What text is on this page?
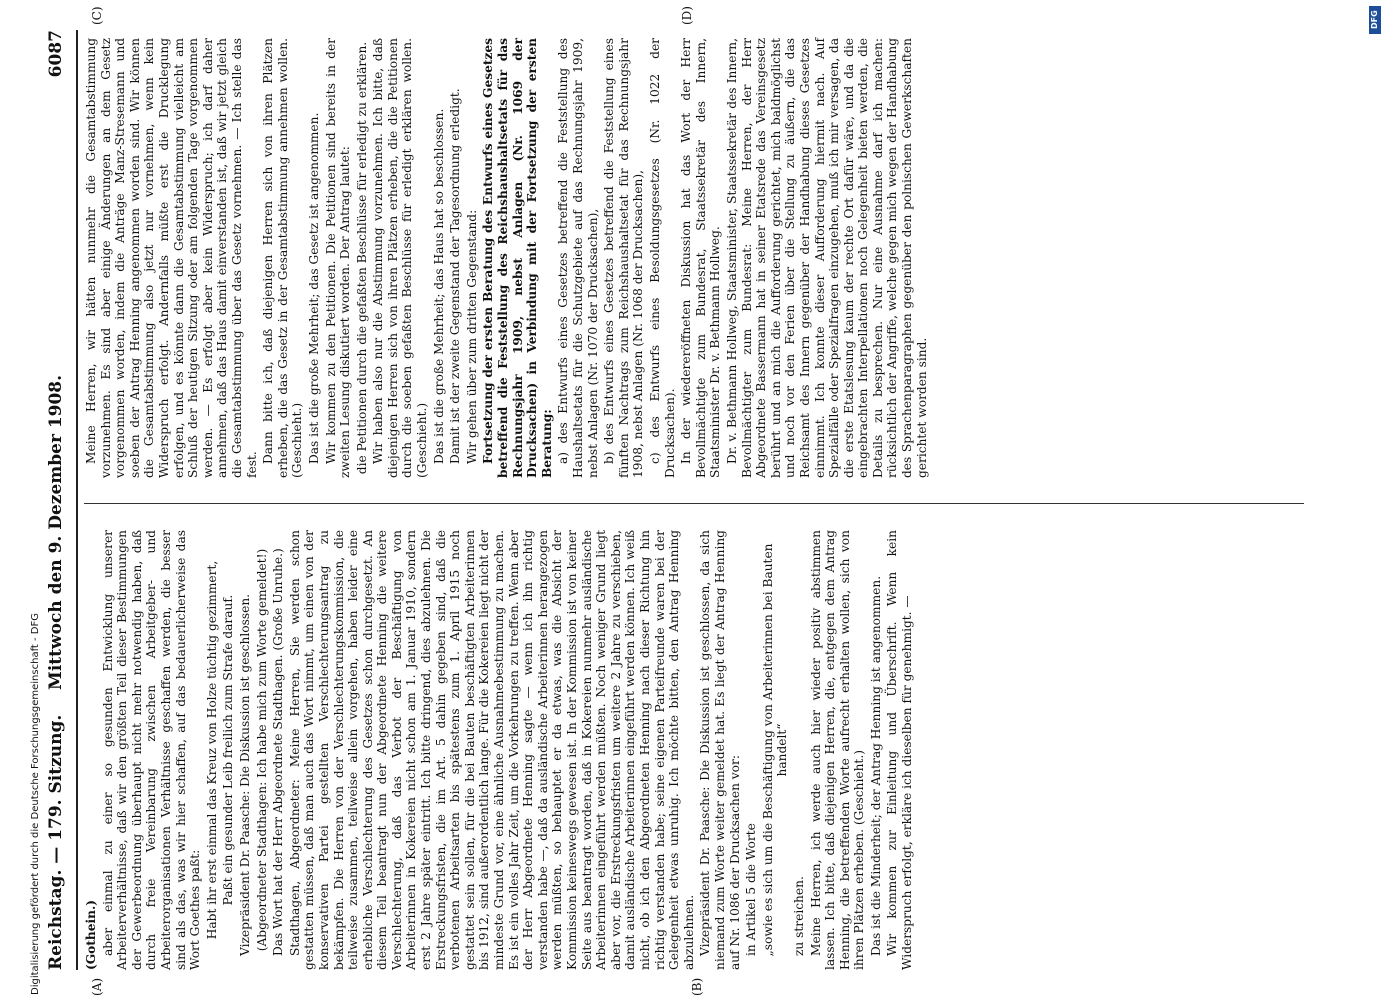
Reichstag. — 179. Sitzung.
Mittwoch den 9. Dezember 1908.
6087
(A)	(B)
(C)	(D)

(Gothein.) aber einmal zu einer so gesunden Entwicklung unserer Arbeiterverhältnisse, daß wir den größten Teil dieser Bestimmungen der Gewerbeordnung überhaupt nicht mehr notwendig haben, daß durch freie Vereinbarung zwischen Arbeitgeber- und Arbeiterorganisationen Verhältnisse geschaffen werden, die besser sind als das, was wir hier schaffen, auf das bedauerlicherweise das Wort Goethes paßt: Habt ihr erst einmal das Kreuz von Holze tüchtig gezimmert, Paßt ein gesunder Leib freilich zum Strafe darauf. Vizepräsident Dr. Paasche: Die Diskussion ist geschlossen. (Abgeordneter Stadthagen: Ich habe mich zum Worte gemeldet!) Das Wort hat der Herr Abgeordnete Stadthagen. (Große Unruhe.) Stadthagen, Abgeordneter: Meine Herren, Sie werden schon gestatten müssen, daß man auch das Wort nimmt, um einen von der konservativen Partei gestellten Verschlechterungsantrag zu bekämpfen. Die Herren von der Verschlechterungskommission, die teilweise zusammen, teilweise allein vorgehen, haben leider eine erhebliche Verschlechterung des Gesetzes schon durchgesetzt. An diesem Teil beantragt nun der Abgeordnete Henning die weitere Verschlechterung, daß das Verbot der Beschäftigung von Arbeiterinnen in Kokereien nicht schon am 1. Januar 1910, sondern erst 2 Jahre später eintritt. Ich bitte dringend, dies abzulehnen. Die Erstreckungsfristen, die im Art. 5 dahin gegeben sind, daß die verbotenen Arbeitsarten bis spätestens zum 1. April 1915 noch gestattet sein sollen, für die bei Bauten beschäftigten Arbeiterinnen bis 1912, sind außerordentlich lange. Für die Kokereien liegt nicht der mindeste Grund vor, eine ähnliche Ausnahmebestimmung zu machen. Es ist ein volles Jahr Zeit, um die Vorkehrungen zu treffen. Wenn aber der Herr Abgeordnete Henning sagte — wenn ich ihn richtig verstanden habe —, daß da ausländische Arbeiterinnen herangezogen werden müßten, so behauptet er da etwas, was die Absicht der Kommission keineswegs gewesen ist. In der Kommission ist von keiner Seite aus beantragt worden, daß in Kokereien nunmehr ausländische Arbeiterinnen eingeführt werden müßten. Noch weniger Grund liegt aber vor, die Erstreckungsfristen um weitere 2 Jahre zu verschieben, damit ausländische Arbeiterinnen eingeführt werden können. Ich weiß nicht, ob ich den Abgeordneten Henning nach dieser Richtung hin richtig verstanden habe; seine eigenen Parteifreunde waren bei der Gelegenheit etwas unruhig. Ich möchte bitten, den Antrag Henning abzulehnen. Vizepräsident Dr. Paasche: Die Diskussion ist geschlossen, da sich niemand zum Worte weiter gemeldet hat. Es liegt der Antrag Henning auf Nr. 1086 der Drucksachen vor: in Artikel 5 die Worte „sowie es sich um die Beschäftigung von Arbeiterinnen bei Bauten handelt“

zu streichen. Meine Herren, ich werde auch hier wieder positiv abstimmen lassen. Ich bitte, daß diejenigen Herren, die, entgegen dem Antrag Henning, die betreffenden Worte aufrecht erhalten wollen, sich von ihren Plätzen erheben. (Geschieht.) Das ist die Minderheit; der Antrag Henning ist angenommen. Wir kommen zur Einleitung und Überschrift. Wenn kein Widerspruch erfolgt, erkläre ich dieselben für genehmigt. —

Meine Herren, wir hätten nunmehr die Gesamtabstimmung vorzunehmen. Es sind aber einige Änderungen an dem Gesetz vorgenommen worden, indem die Anträge Manz-Stresemann und soeben der Antrag Henning angenommen worden sind. Wir können die Gesamtabstimmung also jetzt nur vornehmen, wenn kein Widerspruch erfolgt. Andernfalls müßte erst die Drucklegung erfolgen, und es könnte dann die Gesamtabstimmung vielleicht am Schluß der heutigen Sitzung oder am folgenden Tage vorgenommen werden. — Es erfolgt aber kein Widerspruch; ich darf daher annehmen, daß das Haus damit einverstanden ist, daß wir jetzt gleich die Gesamtabstimmung über das Gesetz vornehmen. — Ich stelle das fest.

Dann bitte ich, daß diejenigen Herren sich von ihren Plätzen erheben, die das Gesetz in der Gesamtabstimmung annehmen wollen. (Geschieht.) Das ist die große Mehrheit; das Gesetz ist angenommen. Wir kommen zu den Petitionen. Die Petitionen sind bereits in der zweiten Lesung diskutiert worden. Der Antrag lautet: die Petitionen durch die gefaßten Beschlüsse für erledigt zu erklären. Wir haben also nur die Abstimmung vorzunehmen. Ich bitte, daß diejenigen Herren sich von ihren Plätzen erheben, die die Petitionen durch die soeben gefaßten Beschlüsse für erledigt erklären wollen. (Geschieht.) Das ist die große Mehrheit; das Haus hat so beschlossen. Damit ist der zweite Gegenstand der Tagesordnung erledigt. Wir gehen über zum dritten Gegenstand: Fortsetzung der ersten Beratung des Entwurfs eines Gesetzes betreffend die Feststellung des Reichshaushaltsetats für das Rechnungsjahr 1909, nebst Anlagen (Nr. 1069 der Drucksachen) in Verbindung mit der Fortsetzung der ersten Beratung: a) des Entwurfs eines Gesetzes betreffend die Feststellung des Haushaltsetats für die Schutzgebiete auf das Rechnungsjahr 1909, nebst Anlagen (Nr. 1070 der Drucksachen), b) des Entwurfs eines Gesetzes betreffend die Feststellung eines fünften Nachtrags zum Reichshaushaltsetat für das Rechnungsjahr 1908, nebst Anlagen (Nr. 1068 der Drucksachen), c) des Entwurfs eines Besoldungsgesetzes (Nr. 1022 der Drucksachen). In der wiedereröffneten Diskussion hat das Wort der Herr Bevollmächtigte zum Bundesrat, Staatssekretär des Innern, Staatsminister Dr. v. Bethmann Hollweg. Dr. v. Bethmann Hollweg, Staatsminister, Staatssekretär des Innern, Bevollmächtigter zum Bundesrat: Meine Herren, der Herr Abgeordnete Bassermann hat in seiner Etatsrede das Vereinsgesetz berührt und an mich die Aufforderung gerichtet, mich baldmöglichst und noch vor den Ferien über die Stellung zu äußern, die das Reichsamt des Innern gegenüber der Handhabung dieses Gesetzes einnimmt. Ich konnte dieser Aufforderung hiermit nach. Auf Spezialfälle oder Spezialfragen einzugehen, muß ich mir versagen, da die erste Etatslesung kaum der rechte Ort dafür wäre, und da die eingebrachten Interpellationen noch Gelegenheit bieten werden, die Details zu besprechen. Nur eine Ausnahme darf ich machen: rücksichtlich der Angriffe, welche gegen mich wegen der Handhabung des Sprachenparagraphen gegenüber den polnischen Gewerkschaften gerichtet worden sind.

DFG
Digitalisierung gefördert durch die Deutsche Forschungsgemeinschaft - DFG
